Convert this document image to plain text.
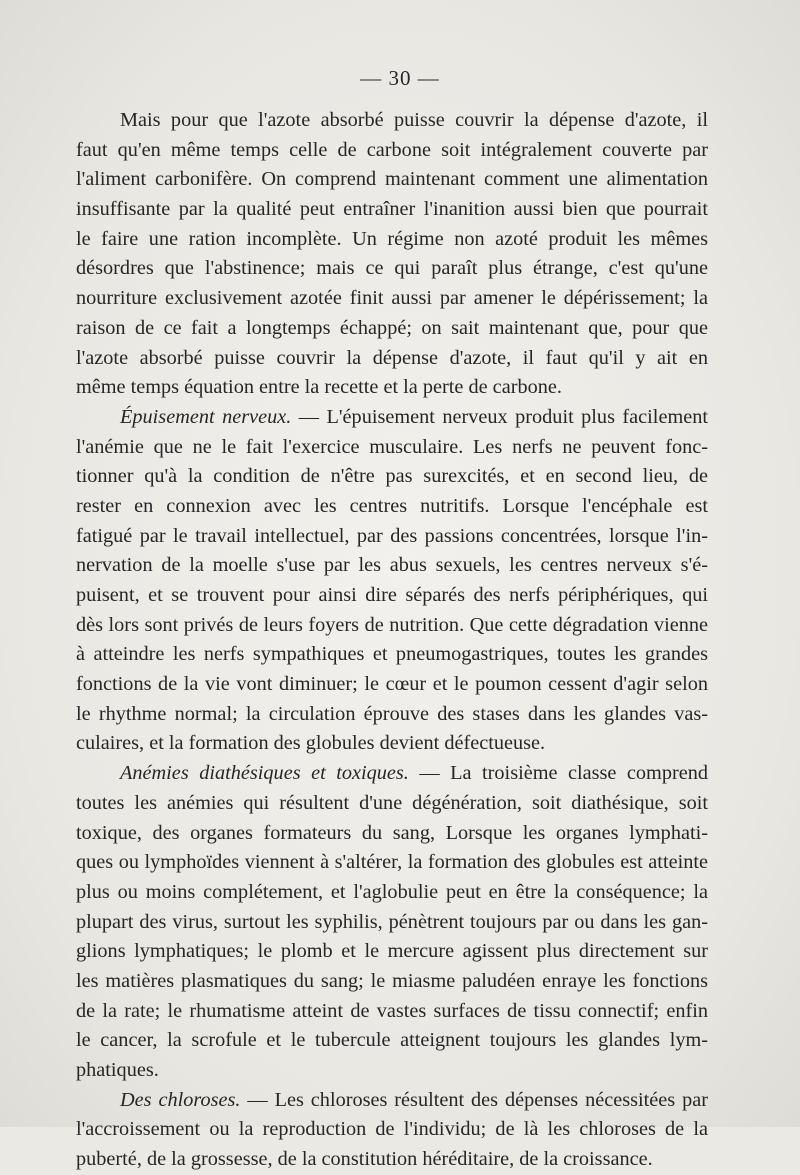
— 30 —
Mais pour que l'azote absorbé puisse couvrir la dépense d'azote, il
faut qu'en même temps celle de carbone soit intégralement couverte par
l'aliment carbonifère. On comprend maintenant comment une alimentation
insuffisante par la qualité peut entraîner l'inanition aussi bien que pourrait
le faire une ration incomplète. Un régime non azoté produit les mêmes
désordres que l'abstinence; mais ce qui paraît plus étrange, c'est qu'une
nourriture exclusivement azotée finit aussi par amener le dépérissement; la
raison de ce fait a longtemps échappé; on sait maintenant que, pour que
l'azote absorbé puisse couvrir la dépense d'azote, il faut qu'il y ait en
même temps équation entre la recette et la perte de carbone.
Épuisement nerveux. — L'épuisement nerveux produit plus facilement
l'anémie que ne le fait l'exercice musculaire. Les nerfs ne peuvent fonc-
tionner qu'à la condition de n'être pas surexcités, et en second lieu, de
rester en connexion avec les centres nutritifs. Lorsque l'encéphale est
fatigué par le travail intellectuel, par des passions concentrées, lorsque l'in-
nervation de la moelle s'use par les abus sexuels, les centres nerveux s'é-
puisent, et se trouvent pour ainsi dire séparés des nerfs périphériques, qui
dès lors sont privés de leurs foyers de nutrition. Que cette dégradation vienne
à atteindre les nerfs sympathiques et pneumogastriques, toutes les grandes
fonctions de la vie vont diminuer; le cœur et le poumon cessent d'agir selon
le rhythme normal; la circulation éprouve des stases dans les glandes vas-
culaires, et la formation des globules devient défectueuse.
Anémies diathésiques et toxiques. — La troisième classe comprend
toutes les anémies qui résultent d'une dégénération, soit diathésique, soit
toxique, des organes formateurs du sang, Lorsque les organes lymphati-
ques ou lymphoïdes viennent à s'altérer, la formation des globules est atteinte
plus ou moins complétement, et l'aglobulie peut en être la conséquence; la
plupart des virus, surtout les syphilis, pénètrent toujours par ou dans les gan-
glions lymphatiques; le plomb et le mercure agissent plus directement sur
les matières plasmatiques du sang; le miasme paludéen enraye les fonctions
de la rate; le rhumatisme atteint de vastes surfaces de tissu connectif; enfin
le cancer, la scrofule et le tubercule atteignent toujours les glandes lym-
phatiques.
Des chloroses. — Les chloroses résultent des dépenses nécessitées par
l'accroissement ou la reproduction de l'individu; de là les chloroses de la
puberté, de la grossesse, de la constitution héréditaire, de la croissance.
